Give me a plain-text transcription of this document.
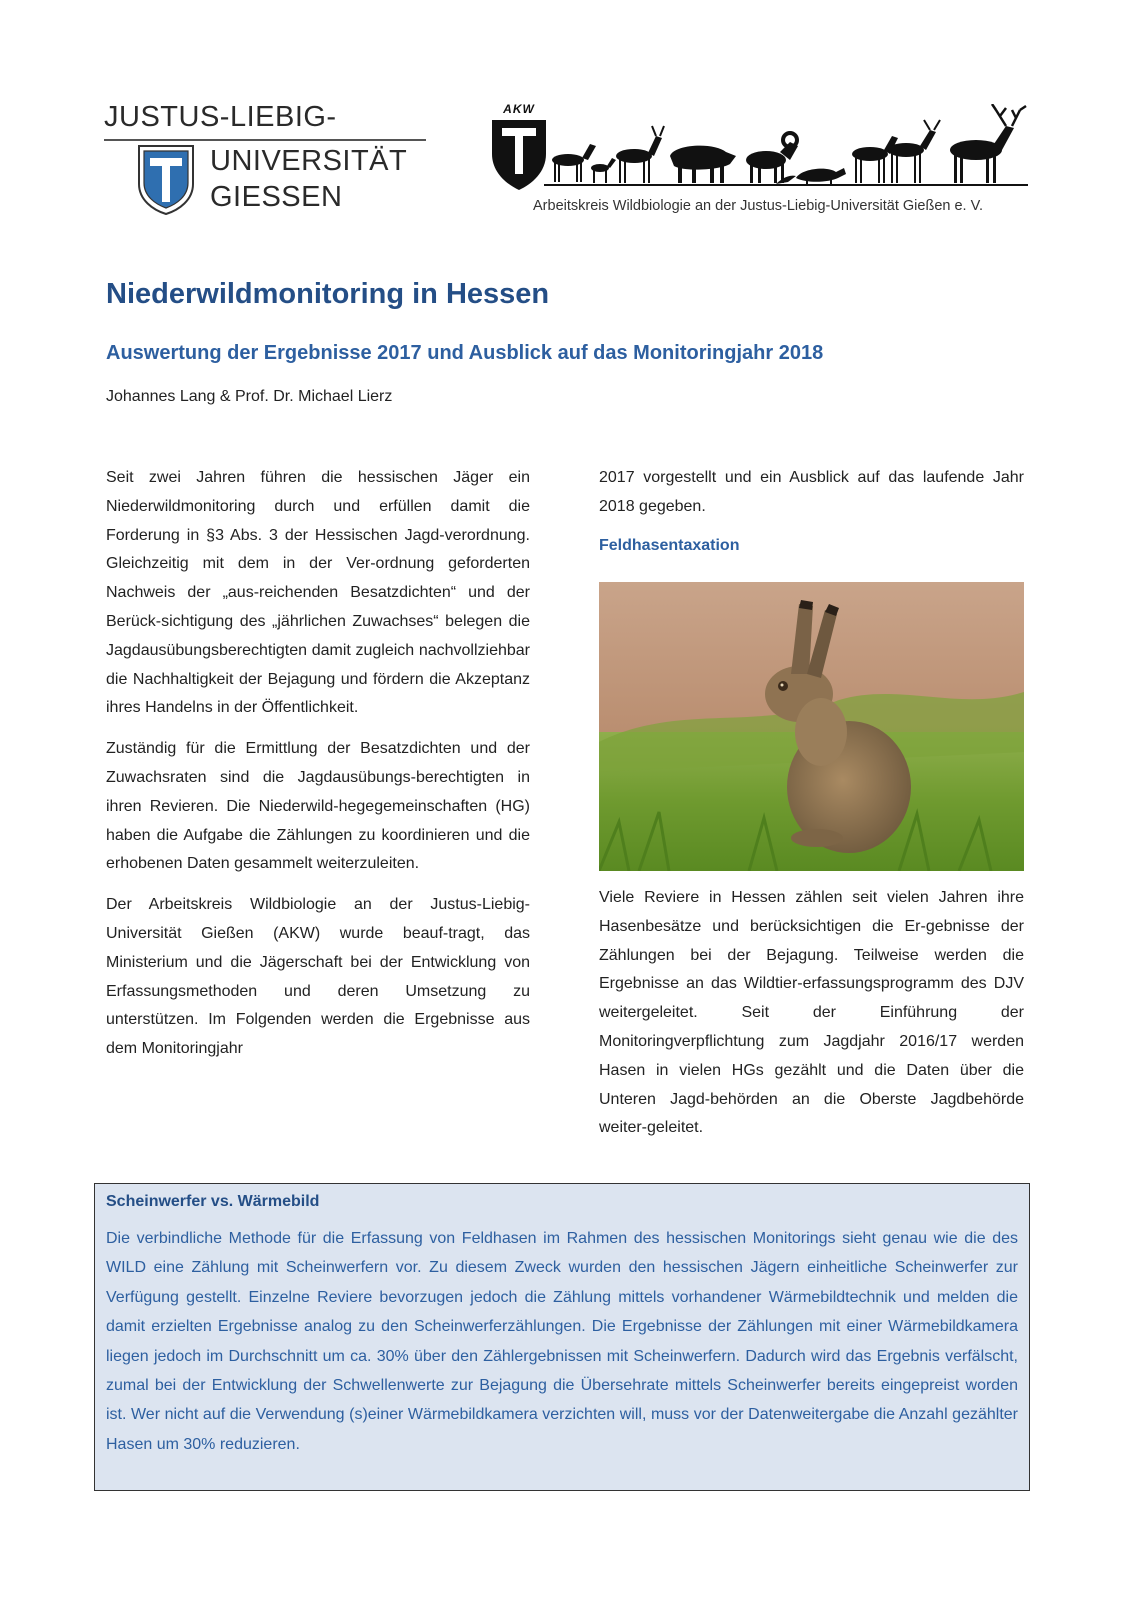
JUSTUS-LIEBIG-
UNIVERSITÄT
GIESSEN
AKW
Arbeitskreis Wildbiologie an der Justus-Liebig-Universität Gießen e. V.
Niederwildmonitoring in Hessen
Auswertung der Ergebnisse 2017 und Ausblick auf das Monitoringjahr 2018
Johannes Lang & Prof. Dr. Michael Lierz

Seit zwei Jahren führen die hessischen Jäger ein Niederwildmonitoring durch und erfüllen damit die Forderung in §3 Abs. 3 der Hessischen Jagd-verordnung. Gleichzeitig mit dem in der Ver-ordnung geforderten Nachweis der „aus-reichenden Besatzdichten“ und der Berück-sichtigung des „jährlichen Zuwachses“ belegen die Jagdausübungsberechtigten damit zugleich nachvollziehbar die Nachhaltigkeit der Bejagung und fördern die Akzeptanz ihres Handelns in der Öffentlichkeit.

Zuständig für die Ermittlung der Besatzdichten und der Zuwachsraten sind die Jagdausübungs-berechtigten in ihren Revieren. Die Niederwild-hegegemeinschaften (HG) haben die Aufgabe die Zählungen zu koordinieren und die erhobenen Daten gesammelt weiterzuleiten.

Der Arbeitskreis Wildbiologie an der Justus-Liebig-Universität Gießen (AKW) wurde beauf-tragt, das Ministerium und die Jägerschaft bei der Entwicklung von Erfassungsmethoden und deren Umsetzung zu unterstützen. Im Folgenden werden die Ergebnisse aus dem Monitoringjahr

2017 vorgestellt und ein Ausblick auf das laufende Jahr 2018 gegeben.

Feldhasentaxation

Viele Reviere in Hessen zählen seit vielen Jahren ihre Hasenbesätze und berücksichtigen die Er-gebnisse der Zählungen bei der Bejagung. Teilweise werden die Ergebnisse an das Wildtier-erfassungsprogramm des DJV weitergeleitet. Seit der Einführung der Monitoringverpflichtung zum Jagdjahr 2016/17 werden Hasen in vielen HGs gezählt und die Daten über die Unteren Jagd-behörden an die Oberste Jagdbehörde weiter-geleitet.

Scheinwerfer vs. Wärmebild

Die verbindliche Methode für die Erfassung von Feldhasen im Rahmen des hessischen Monitorings sieht genau wie die des WILD eine Zählung mit Scheinwerfern vor. Zu diesem Zweck wurden den hessischen Jägern einheitliche Scheinwerfer zur Verfügung gestellt. Einzelne Reviere bevorzugen jedoch die Zählung mittels vorhandener Wärmebildtechnik und melden die damit erzielten Ergebnisse analog zu den Scheinwerferzählungen. Die Ergebnisse der Zählungen mit einer Wärmebildkamera liegen jedoch im Durchschnitt um ca. 30% über den Zählergebnissen mit Scheinwerfern. Dadurch wird das Ergebnis verfälscht, zumal bei der Entwicklung der Schwellenwerte zur Bejagung die Übersehrate mittels Scheinwerfer bereits eingepreist worden ist. Wer nicht auf die Verwendung (s)einer Wärmebildkamera verzichten will, muss vor der Datenweitergabe die Anzahl gezählter Hasen um 30% reduzieren.
